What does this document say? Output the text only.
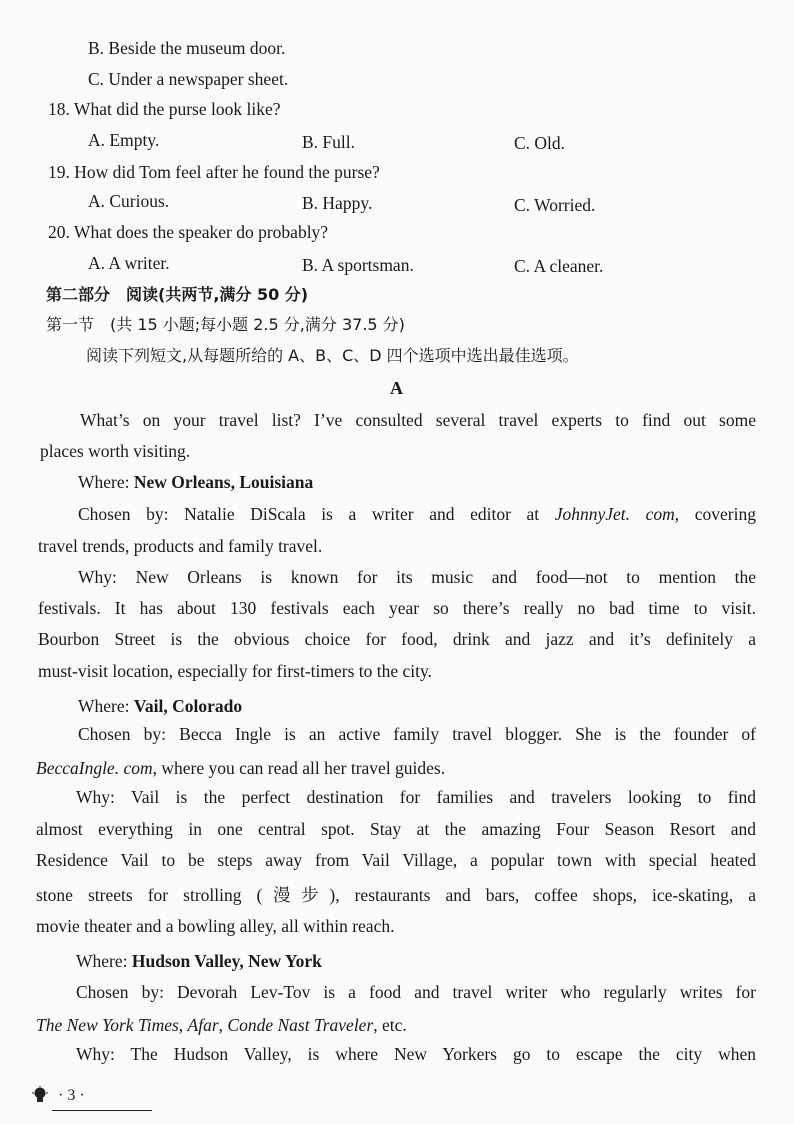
B. Beside the museum door.
C. Under a newspaper sheet.
18. What did the purse look like?
A. Empty.	B. Full.	C. Old.
19. How did Tom feel after he found the purse?
A. Curious.	B. Happy.	C. Worried.
20. What does the speaker do probably?
A. A writer.	B. A sportsman.	C. A cleaner.
第二部分　阅读(共两节,满分 50 分)
第一节　(共 15 小题;每小题 2.5 分,满分 37.5 分)
阅读下列短文,从每题所给的 A、B、C、D 四个选项中选出最佳选项。
A
What’s on your travel list? I’ve consulted several travel experts to find out some
places worth visiting.
Where: New Orleans, Louisiana
Chosen by: Natalie DiScala is a writer and editor at JohnnyJet. com, covering
travel trends, products and family travel.
Why: New Orleans is known for its music and food—not to mention the
festivals. It has about 130 festivals each year so there’s really no bad time to visit.
Bourbon Street is the obvious choice for food, drink and jazz and it’s definitely a
must-visit location, especially for first-timers to the city.
Where: Vail, Colorado
Chosen by: Becca Ingle is an active family travel blogger. She is the founder of
BeccaIngle. com, where you can read all her travel guides.
Why: Vail is the perfect destination for families and travelers looking to find
almost everything in one central spot. Stay at the amazing Four Season Resort and
Residence Vail to be steps away from Vail Village, a popular town with special heated
stone streets for strolling (漫步), restaurants and bars, coffee shops, ice-skating, a
movie theater and a bowling alley, all within reach.
Where: Hudson Valley, New York
Chosen by: Devorah Lev-Tov is a food and travel writer who regularly writes for
The New York Times, Afar, Conde Nast Traveler, etc.
Why: The Hudson Valley, is where New Yorkers go to escape the city when
· 3 ·
